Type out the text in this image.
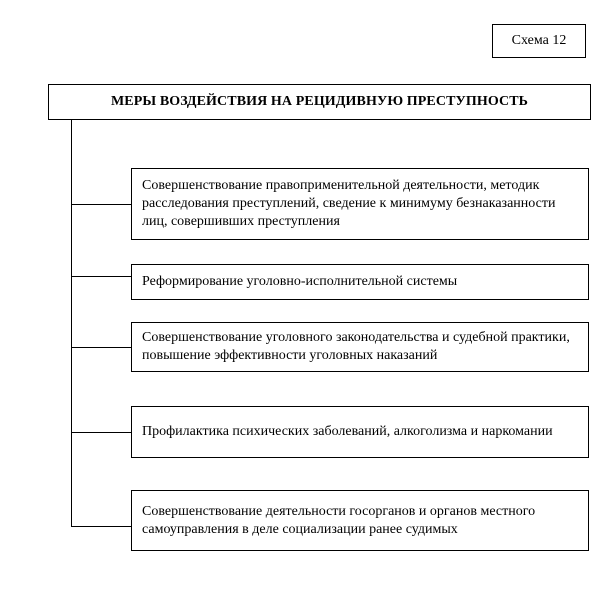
Схема 12
МЕРЫ ВОЗДЕЙСТВИЯ НА РЕЦИДИВНУЮ ПРЕСТУПНОСТЬ
Совершенствование правоприменительной деятельности, методик расследования преступлений, сведение к минимуму безнаказанности лиц, совершивших преступления
Реформирование уголовно-исполнительной системы
Совершенствование уголовного законодательства и судебной практики, повышение эффективности уголовных наказаний
Профилактика психических заболеваний, алкоголизма и наркомании
Совершенствование деятельности госорганов и органов местного самоуправления в деле социализации ранее судимых
